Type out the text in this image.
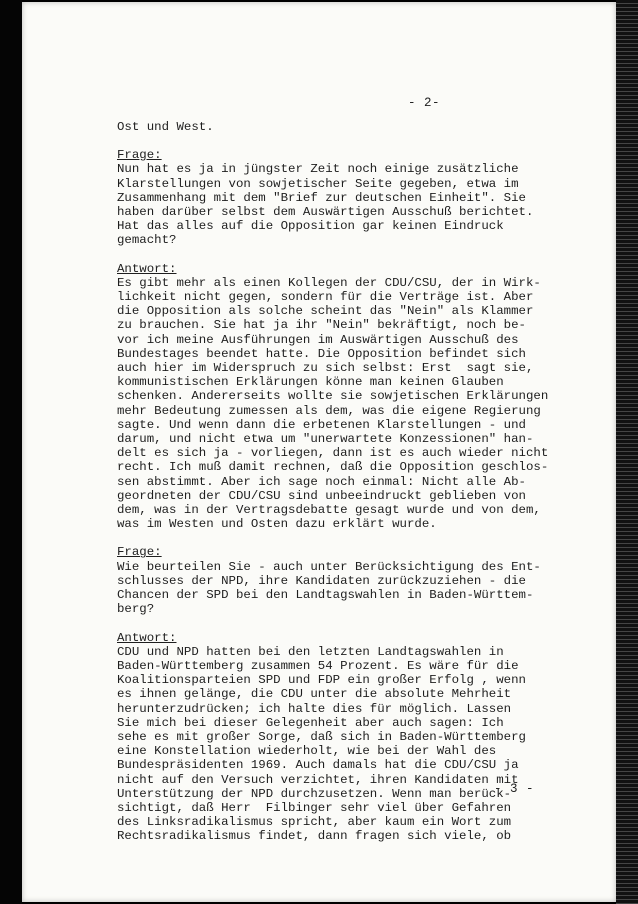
- 2-
Ost und West.
Frage:
Nun hat es ja in jüngster Zeit noch einige zusätzliche
Klarstellungen von sowjetischer Seite gegeben, etwa im
Zusammenhang mit dem "Brief zur deutschen Einheit". Sie
haben darüber selbst dem Auswärtigen Ausschuß berichtet.
Hat das alles auf die Opposition gar keinen Eindruck
gemacht?
Antwort:
Es gibt mehr als einen Kollegen der CDU/CSU, der in Wirk-
lichkeit nicht gegen, sondern für die Verträge ist. Aber
die Opposition als solche scheint das "Nein" als Klammer
zu brauchen. Sie hat ja ihr "Nein" bekräftigt, noch be-
vor ich meine Ausführungen im Auswärtigen Ausschuß des
Bundestages beendet hatte. Die Opposition befindet sich
auch hier im Widerspruch zu sich selbst: Erst  sagt sie,
kommunistischen Erklärungen könne man keinen Glauben
schenken. Andererseits wollte sie sowjetischen Erklärungen
mehr Bedeutung zumessen als dem, was die eigene Regierung
sagte. Und wenn dann die erbetenen Klarstellungen - und
darum, und nicht etwa um "unerwartete Konzessionen" han-
delt es sich ja - vorliegen, dann ist es auch wieder nicht
recht. Ich muß damit rechnen, daß die Opposition geschlos-
sen abstimmt. Aber ich sage noch einmal: Nicht alle Ab-
geordneten der CDU/CSU sind unbeeindruckt geblieben von
dem, was in der Vertragsdebatte gesagt wurde und von dem,
was im Westen und Osten dazu erklärt wurde.
Frage:
Wie beurteilen Sie - auch unter Berücksichtigung des Ent-
schlusses der NPD, ihre Kandidaten zurückzuziehen - die
Chancen der SPD bei den Landtagswahlen in Baden-Württem-
berg?
Antwort:
CDU und NPD hatten bei den letzten Landtagswahlen in
Baden-Württemberg zusammen 54 Prozent. Es wäre für die
Koalitionsparteien SPD und FDP ein großer Erfolg , wenn
es ihnen gelänge, die CDU unter die absolute Mehrheit
herunterzudrücken; ich halte dies für möglich. Lassen
Sie mich bei dieser Gelegenheit aber auch sagen: Ich
sehe es mit großer Sorge, daß sich in Baden-Württemberg
eine Konstellation wiederholt, wie bei der Wahl des
Bundespräsidenten 1969. Auch damals hat die CDU/CSU ja
nicht auf den Versuch verzichtet, ihren Kandidaten mit
Unterstützung der NPD durchzusetzen. Wenn man berück-
sichtigt, daß Herr  Filbinger sehr viel über Gefahren
des Linksradikalismus spricht, aber kaum ein Wort zum
Rechtsradikalismus findet, dann fragen sich viele, ob
- 3 -
